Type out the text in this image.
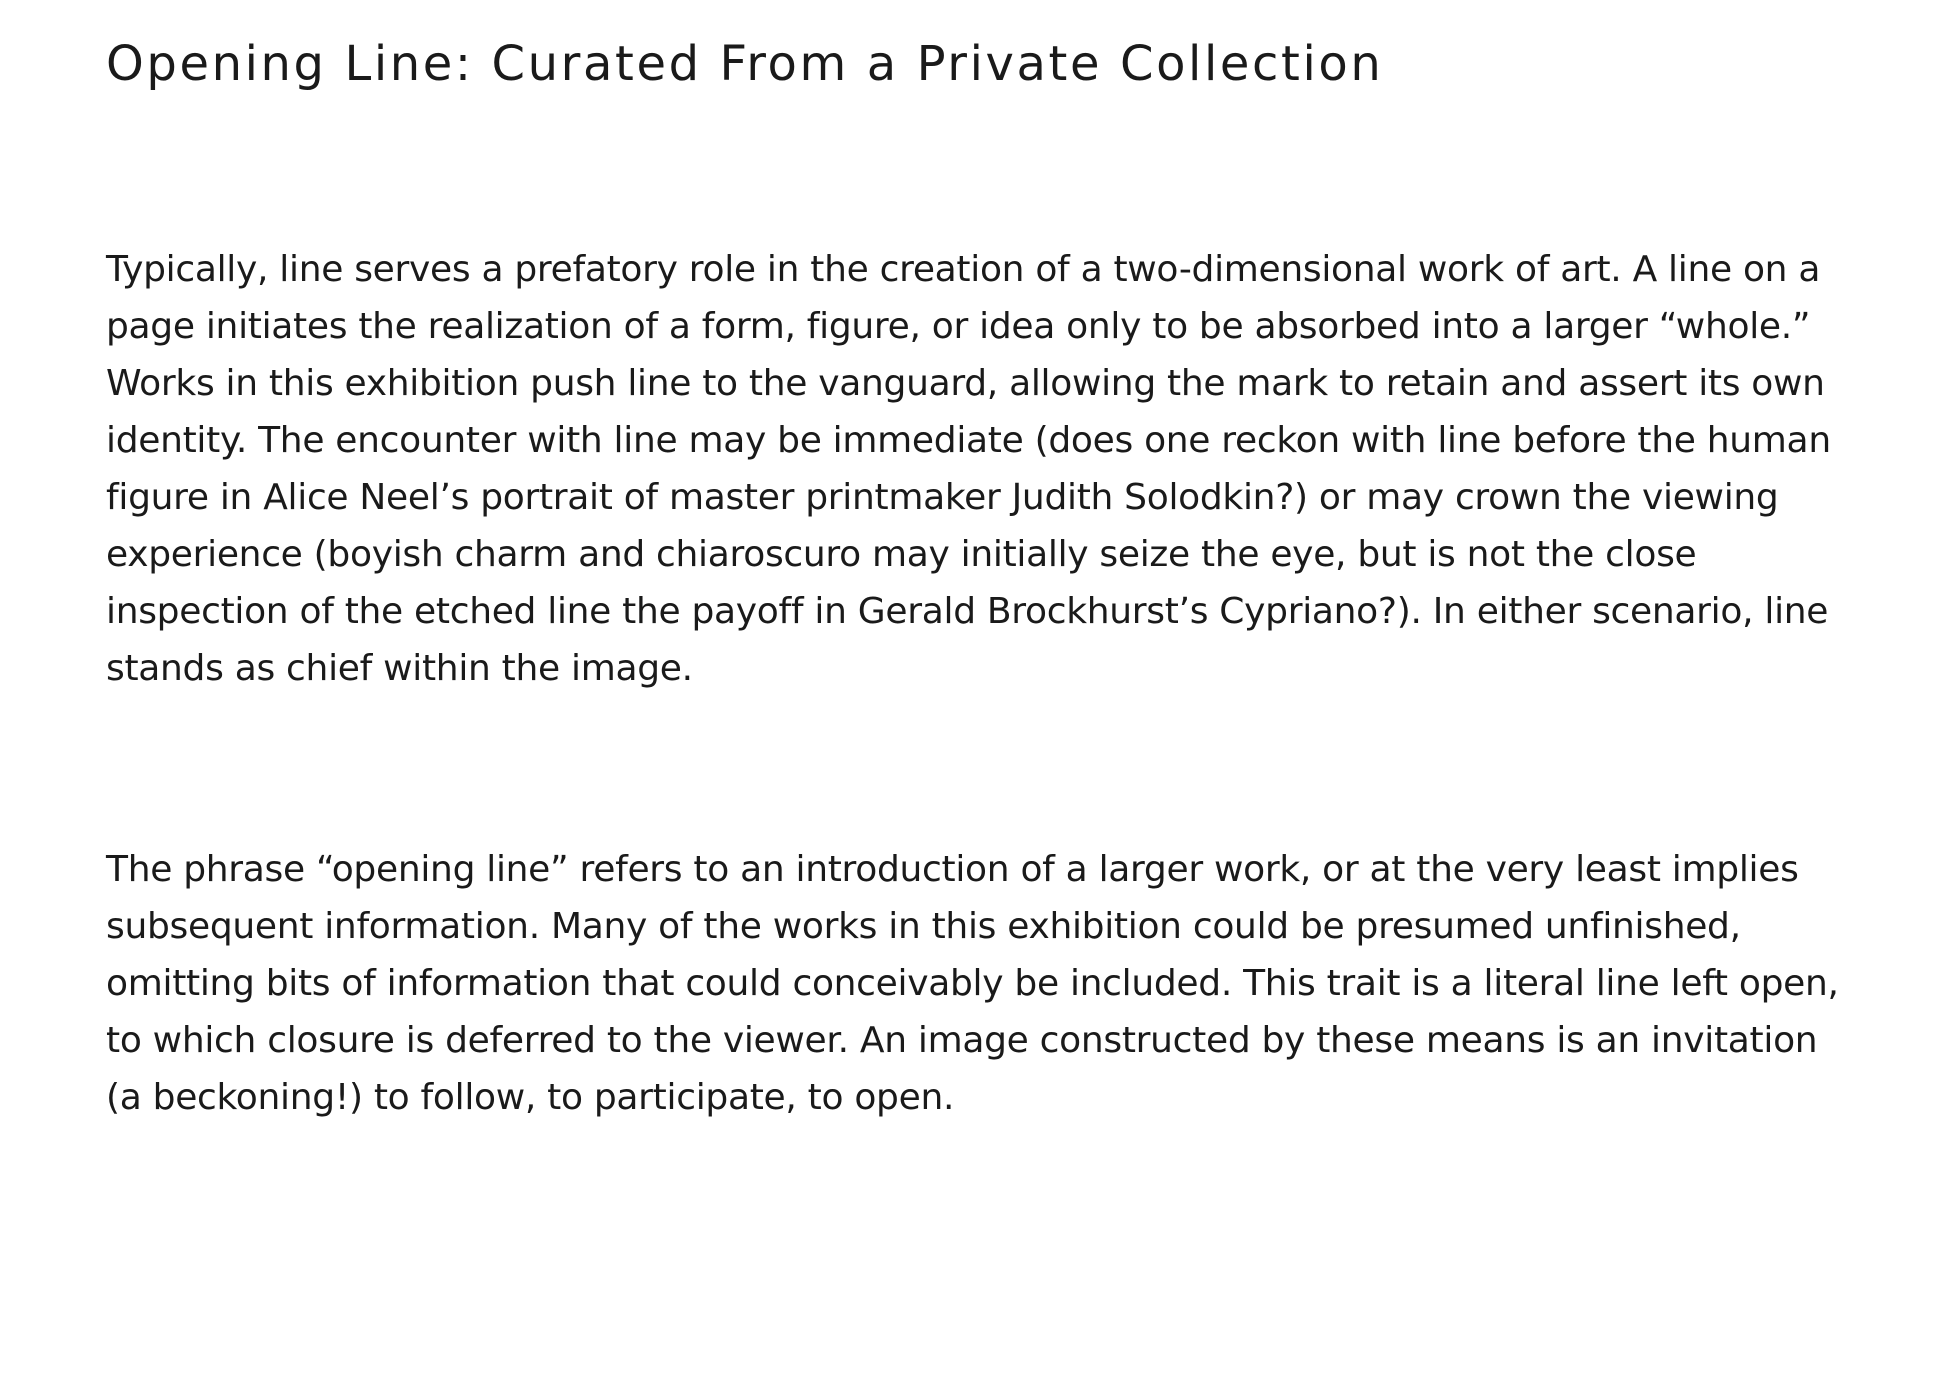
Opening Line: Curated From a Private Collection

Typically, line serves a prefatory role in the creation of a two-dimensional work of art. A line on a
page initiates the realization of a form, figure, or idea only to be absorbed into a larger “whole.”
Works in this exhibition push line to the vanguard, allowing the mark to retain and assert its own
identity. The encounter with line may be immediate (does one reckon with line before the human
figure in Alice Neel’s portrait of master printmaker Judith Solodkin?) or may crown the viewing
experience (boyish charm and chiaroscuro may initially seize the eye, but is not the close
inspection of the etched line the payoff in Gerald Brockhurst’s Cypriano?). In either scenario, line
stands as chief within the image.

The phrase “opening line” refers to an introduction of a larger work, or at the very least implies
subsequent information. Many of the works in this exhibition could be presumed unfinished,
omitting bits of information that could conceivably be included. This trait is a literal line left open,
to which closure is deferred to the viewer. An image constructed by these means is an invitation
(a beckoning!) to follow, to participate, to open.
